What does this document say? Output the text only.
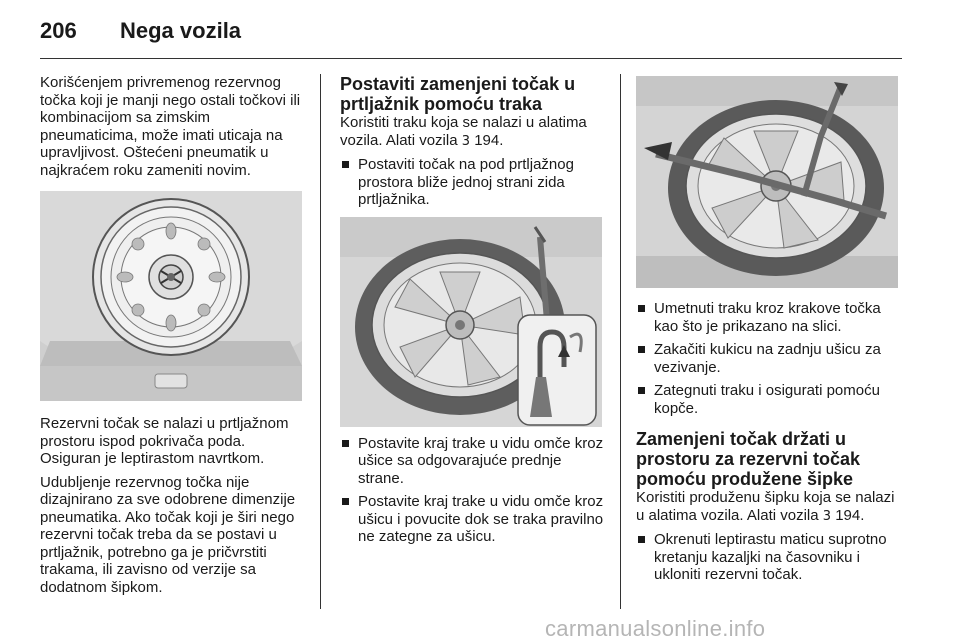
206 Nega vozila

Korišćenjem privremenog rezervnog točka koji je manji nego ostali točkovi ili kombinacijom sa zimskim pneumaticima, može imati uticaja na upravljivost. Oštećeni pneumatik u najkraćem roku zameniti novim.

Rezervni točak se nalazi u prtljažnom prostoru ispod pokrivača poda. Osiguran je leptirastom navrtkom.

Udubljenje rezervnog točka nije dizajnirano za sve odobrene dimenzije pneumatika. Ako točak koji je širi nego rezervni točak treba da se postavi u prtljažnik, potrebno ga je pričvrstiti trakama, ili zavisno od verzije sa dodatnom šipkom.

Postaviti zamenjeni točak u prtljažnik pomoću traka

Koristiti traku koja se nalazi u alatima vozila. Alati vozila 3 194.

Postaviti točak na pod prtljažnog prostora bliže jednoj strani zida prtljažnika.
Postavite kraj trake u vidu omče kroz ušice sa odgovarajuće prednje strane.
Postavite kraj trake u vidu omče kroz ušicu i povucite dok se traka pravilno ne zategne za ušicu.
Umetnuti traku kroz krakove točka kao što je prikazano na slici.
Zakačiti kukicu na zadnju ušicu za vezivanje.
Zategnuti traku i osigurati pomoću kopče.
Zamenjeni točak držati u prostoru za rezervni točak pomoću produžene šipke

Koristiti produženu šipku koja se nalazi u alatima vozila. Alati vozila 3 194.

Okrenuti leptirastu maticu suprotno kretanju kazaljki na časovniku i ukloniti rezervni točak.
carmanualsonline.info
